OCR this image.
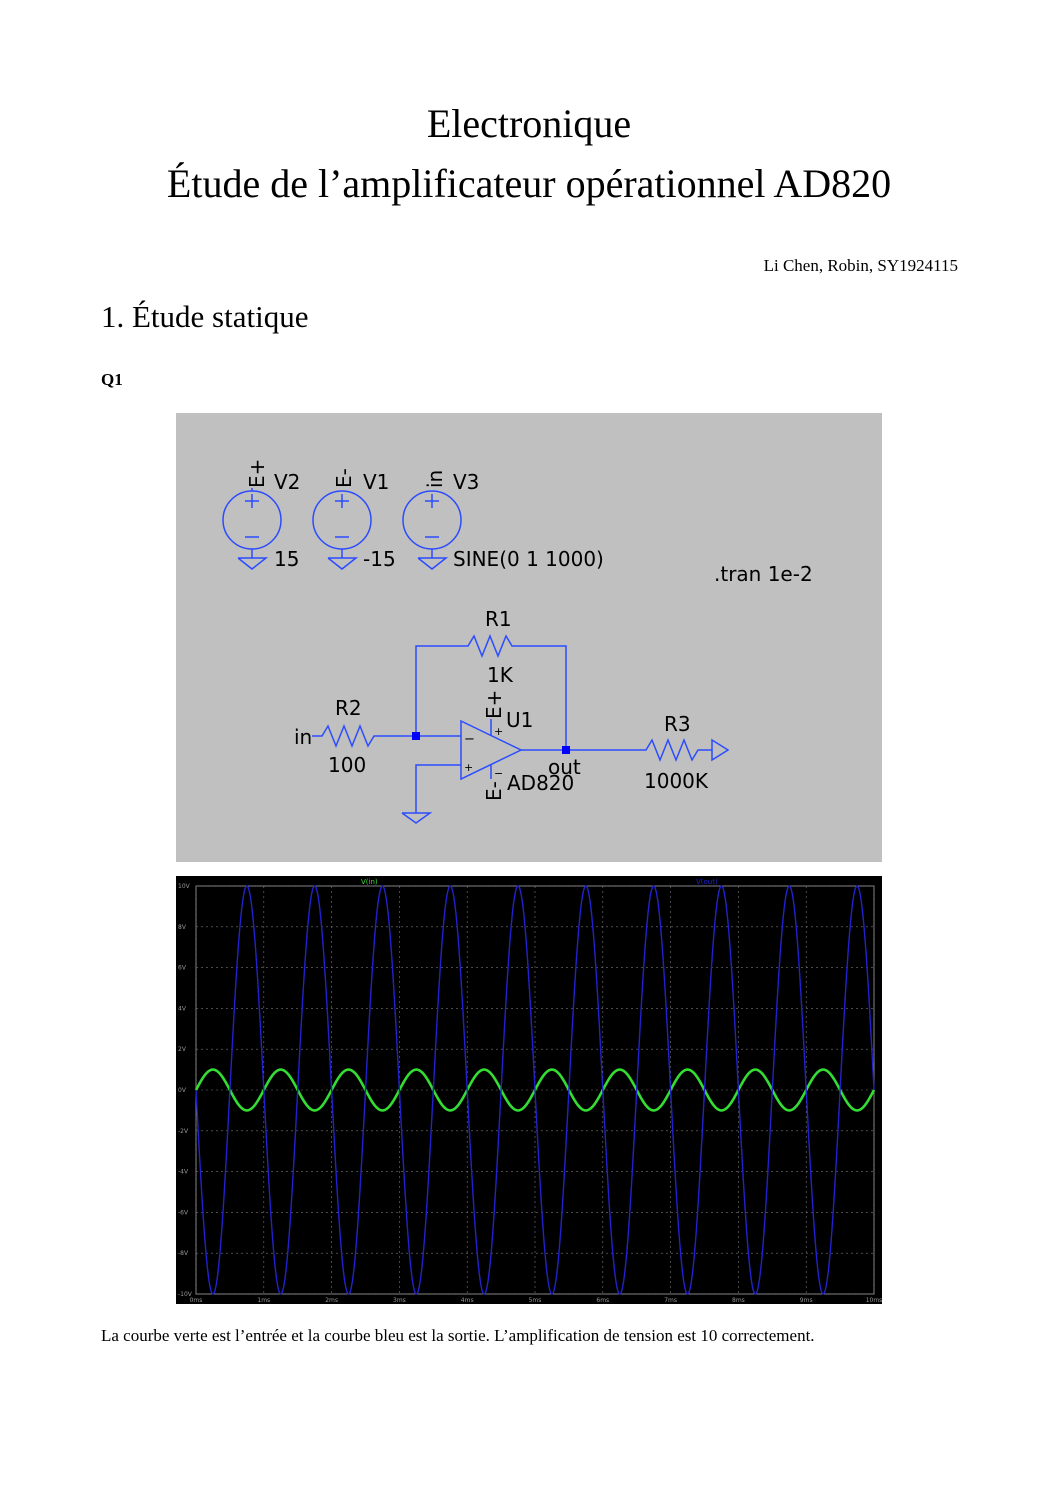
Electronique
Étude de l’amplificateur opérationnel AD820
Li Chen, Robin, SY1924115
1. Étude statique
Q1
E+ V2
15
E- V1
-15
in V3
SINE(0 1 1000)
.tran 1e-2
R1
1K
R2
100
in
R3
1000K
U1
AD820
out
E+
E-
−
+
+
−
0ms	1ms	2ms	3ms	4ms	5ms	6ms	7ms	8ms	9ms	10ms
10V
8V
6V
4V
2V
0V
-2V
-4V
-6V
-8V
-10V
V(in)	V(out)
La courbe verte est l’entrée et la courbe bleu est la sortie. L’amplification de tension est 10 correctement.
